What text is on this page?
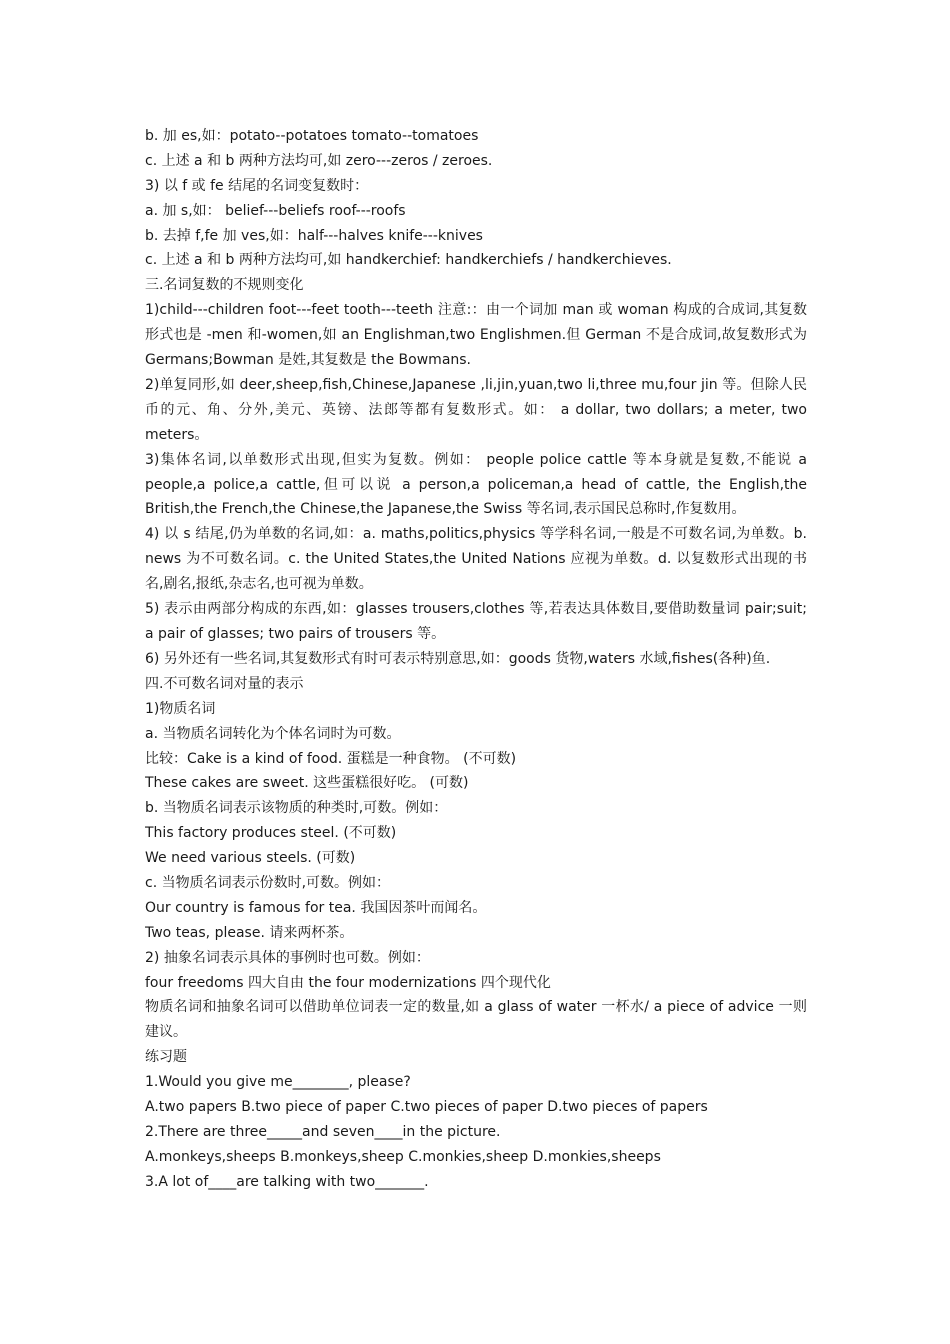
b. 加 es,如：potato--potatoes tomato--tomatoes
c. 上述 a 和 b 两种方法均可,如 zero---zeros / zeroes.
3) 以 f 或 fe 结尾的名词变复数时：
a. 加 s,如： belief---beliefs roof---roofs
b. 去掉 f,fe 加 ves,如：half---halves knife---knives
c. 上述 a 和 b 两种方法均可,如 handkerchief: handkerchiefs / handkerchieves.
三.名词复数的不规则变化
1)child---children foot---feet tooth---teeth 注意:：由一个词加 man 或 woman 构成的合成词,其复数形式也是 -men 和-women,如 an Englishman,two Englishmen.但 German 不是合成词,故复数形式为 Germans;Bowman 是姓,其复数是 the Bowmans.
2)单复同形,如 deer,sheep,fish,Chinese,Japanese ,li,jin,yuan,two li,three mu,four jin 等。但除人民币的元、角、分外,美元、英镑、法郎等都有复数形式。如： a dollar, two dollars; a meter, two meters。
3)集体名词,以单数形式出现,但实为复数。例如： people police cattle 等本身就是复数,不能说 a people,a police,a cattle,但可以说 a person,a policeman,a head of cattle, the English,the British,the French,the Chinese,the Japanese,the Swiss 等名词,表示国民总称时,作复数用。
4) 以 s 结尾,仍为单数的名词,如：a. maths,politics,physics 等学科名词,一般是不可数名词,为单数。b. news 为不可数名词。c. the United States,the United Nations 应视为单数。d. 以复数形式出现的书名,剧名,报纸,杂志名,也可视为单数。
5) 表示由两部分构成的东西,如：glasses trousers,clothes 等,若表达具体数目,要借助数量词 pair;suit; a pair of glasses; two pairs of trousers 等。
6) 另外还有一些名词,其复数形式有时可表示特别意思,如：goods 货物,waters 水域,fishes(各种)鱼.
四.不可数名词对量的表示
1)物质名词
a. 当物质名词转化为个体名词时为可数。
比较：Cake is a kind of food. 蛋糕是一种食物。 (不可数)
These cakes are sweet. 这些蛋糕很好吃。 (可数)
b. 当物质名词表示该物质的种类时,可数。例如：
This factory produces steel. (不可数)
We need various steels. (可数)
c. 当物质名词表示份数时,可数。例如：
Our country is famous for tea. 我国因茶叶而闻名。
Two teas, please. 请来两杯茶。
2) 抽象名词表示具体的事例时也可数。例如：
four freedoms 四大自由 the four modernizations 四个现代化
物质名词和抽象名词可以借助单位词表一定的数量,如 a glass of water 一杯水/ a piece of advice 一则建议。
练习题
1.Would you give me________, please?
A.two papers B.two piece of paper C.two pieces of paper D.two pieces of papers
2.There are three_____and seven____in the picture.
A.monkeys,sheeps B.monkeys,sheep C.monkies,sheep D.monkies,sheeps
3.A lot of____are talking with two_______.
